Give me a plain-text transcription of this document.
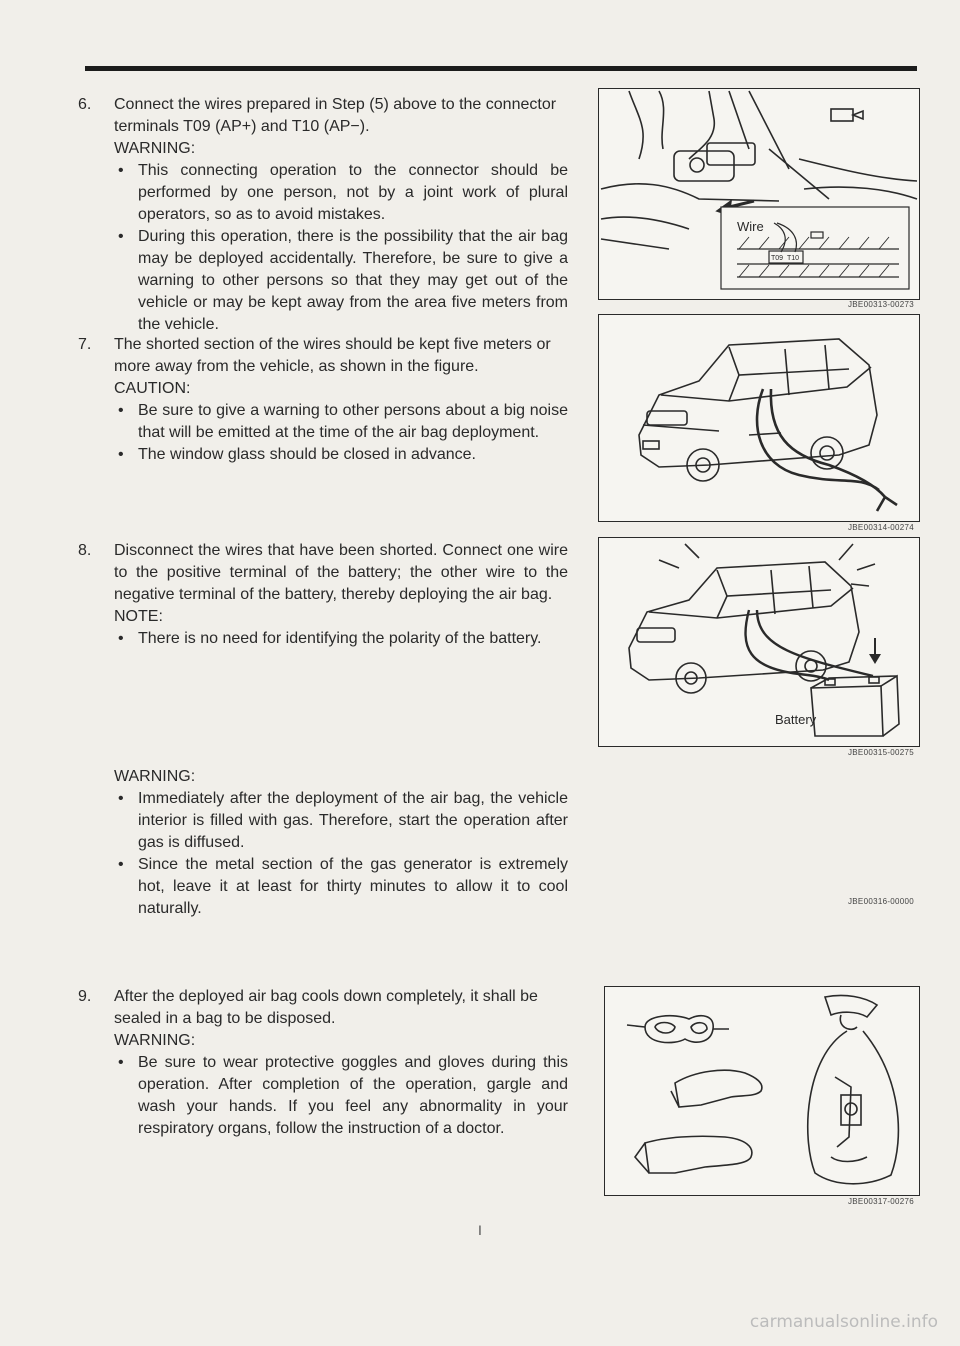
6.	Connect the wires prepared in Step (5) above to the connector terminals T09 (AP+) and T10 (AP−).

WARNING:

• This connecting operation to the connector should be performed by one person, not by a joint work of plural operators, so as to avoid mistakes.
• During this operation, there is the possibility that the air bag may be deployed accidentally. Therefore, be sure to give a warning to other persons so that they may get out of the vehicle or may be kept away from the area five meters from the vehicle.
7.	The shorted section of the wires should be kept five meters or more away from the vehicle, as shown in the figure.

CAUTION:

• Be sure to give a warning to other persons about a big noise that will be emitted at the time of the air bag deployment.
• The window glass should be closed in advance.
8.	Disconnect the wires that have been shorted. Connect one wire to the positive terminal of the battery; the other wire to the negative terminal of the battery, thereby deploying the air bag.

NOTE:

• There is no need for identifying the polarity of the battery.

WARNING:

• Immediately after the deployment of the air bag, the vehicle interior is filled with gas. Therefore, start the operation after gas is diffused.
• Since the metal section of the gas generator is extremely hot, leave it at least for thirty minutes to allow it to cool naturally.
9.	After the deployed air bag cools down completely, it shall be sealed in a bag to be disposed.

WARNING:

• Be sure to wear protective goggles and gloves during this operation. After completion of the operation, gargle and wash your hands. If you feel any abnormality in your respiratory organs, follow the instruction of a doctor.
Wire
T09 T10
JBE00313-00273
JBE00314-00274
Battery
JBE00315-00275
JBE00316-00000
JBE00317-00276
I
carmanualsonline.info
